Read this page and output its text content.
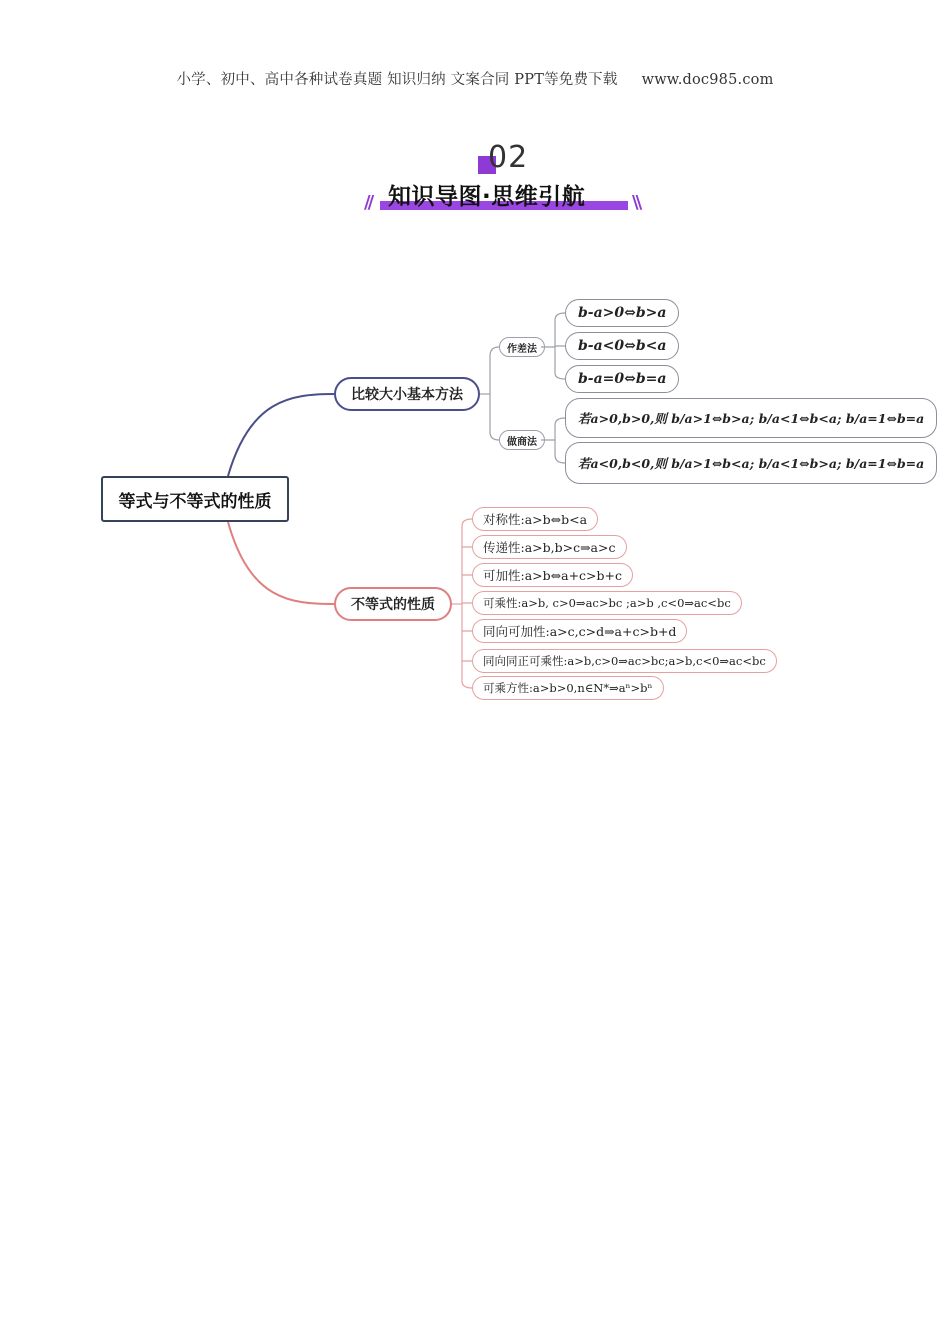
小学、初中、高中各种试卷真题 知识归纳 文案合同 PPT等免费下载 www.doc985.com
02
// 知识导图·思维引航	\\
等式与不等式的性质
比较大小基本方法
不等式的性质
作差法
做商法
b-a>0⇔b>a
b-a<0⇔b<a
b-a=0⇔b=a
若a>0,b>0,则 b/a>1⇔b>a; b/a<1⇔b<a; b/a=1⇔b=a
若a<0,b<0,则 b/a>1⇔b<a; b/a<1⇔b>a; b/a=1⇔b=a
对称性:a>b⇔b<a
传递性:a>b,b>c⇒a>c
可加性:a>b⇔a+c>b+c
可乘性:a>b, c>0⇒ac>bc ;a>b ,c<0⇒ac<bc
同向可加性:a>c,c>d⇒a+c>b+d
同向同正可乘性:a>b,c>0⇒ac>bc;a>b,c<0⇒ac<bc
可乘方性:a>b>0,n∈N*⇒aⁿ>bⁿ
